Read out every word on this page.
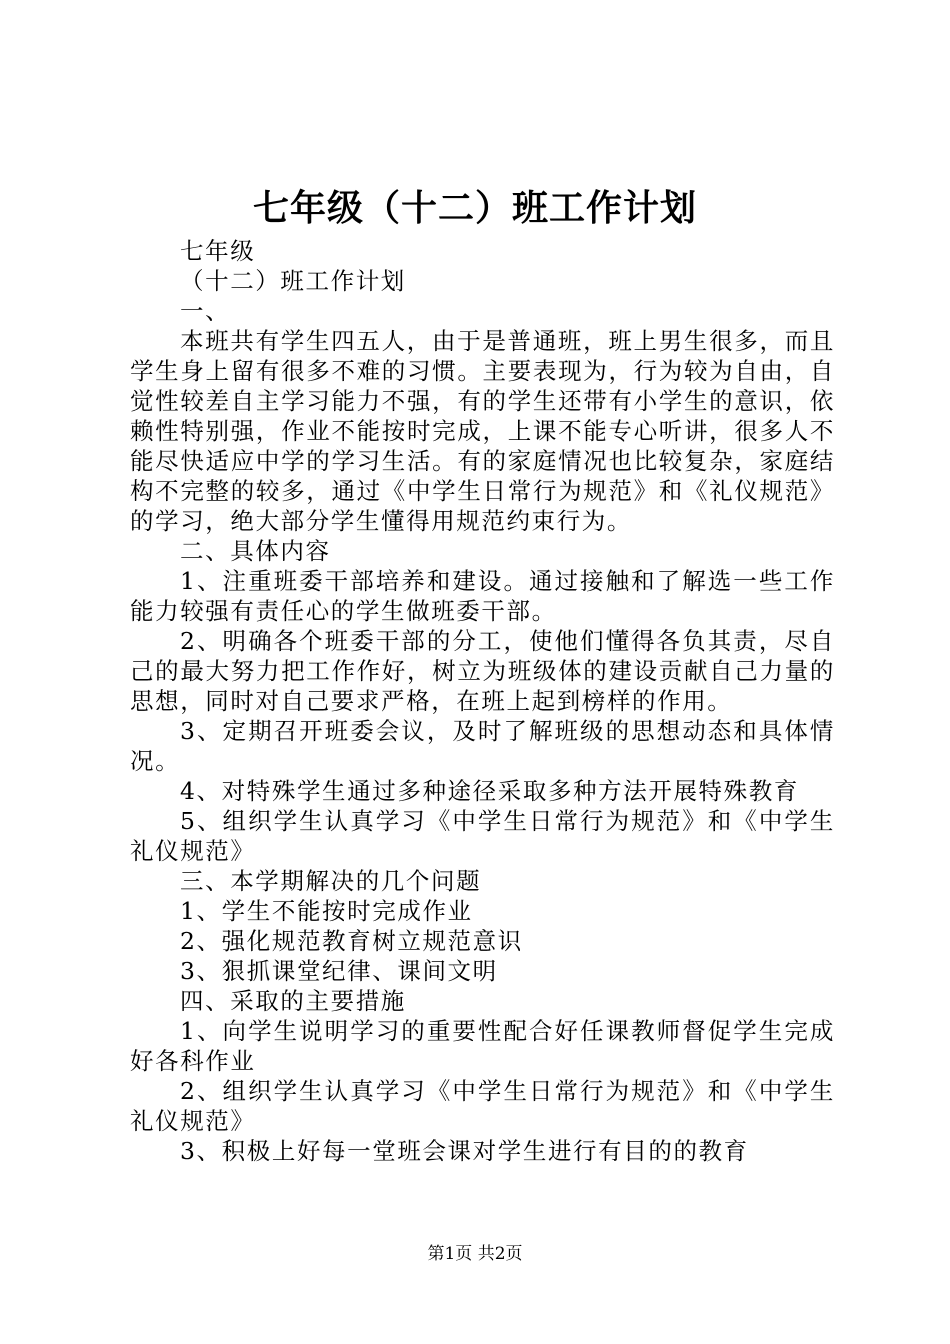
七年级（十二）班工作计划

七年级

（十二）班工作计划

一、

本班共有学生四五人，由于是普通班，班上男生很多，而且学生身上留有很多不难的习惯。主要表现为，行为较为自由，自觉性较差自主学习能力不强，有的学生还带有小学生的意识，依赖性特别强，作业不能按时完成，上课不能专心听讲，很多人不能尽快适应中学的学习生活。有的家庭情况也比较复杂，家庭结构不完整的较多，通过《中学生日常行为规范》和《礼仪规范》的学习，绝大部分学生懂得用规范约束行为。

二、具体内容

1、注重班委干部培养和建设。通过接触和了解选一些工作能力较强有责任心的学生做班委干部。

2、明确各个班委干部的分工，使他们懂得各负其责，尽自己的最大努力把工作作好，树立为班级体的建设贡献自己力量的思想，同时对自己要求严格，在班上起到榜样的作用。

3、定期召开班委会议，及时了解班级的思想动态和具体情况。

4、对特殊学生通过多种途径采取多种方法开展特殊教育

5、组织学生认真学习《中学生日常行为规范》和《中学生礼仪规范》

三、本学期解决的几个问题

1、学生不能按时完成作业

2、强化规范教育树立规范意识

3、狠抓课堂纪律、课间文明

四、采取的主要措施

1、向学生说明学习的重要性配合好任课教师督促学生完成好各科作业

2、组织学生认真学习《中学生日常行为规范》和《中学生礼仪规范》

3、积极上好每一堂班会课对学生进行有目的的教育

第1页 共2页
